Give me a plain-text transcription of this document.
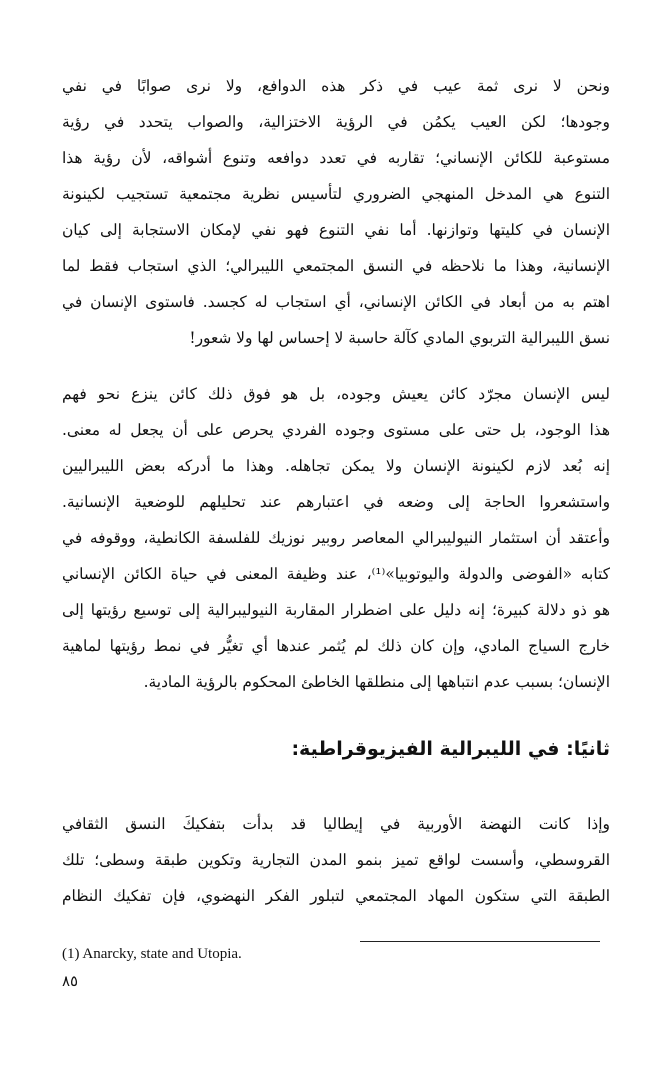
ونحن لا نرى ثمة عيب في ذكر هذه الدوافع، ولا نرى صوابًا في نفي
وجودها؛ لكن العيب يكمُن في الرؤية الاختزالية، والصواب يتحدد في رؤية
مستوعبة للكائن الإنساني؛ تقاربه في تعدد دوافعه وتنوع أشواقه، لأن رؤية هذا
التنوع هي المدخل المنهجي الضروري لتأسيس نظرية مجتمعية تستجيب لكينونة
الإنسان في كليتها وتوازنها. أما نفي التنوع فهو نفي لإمكان الاستجابة إلى كيان
الإنسانية، وهذا ما نلاحظه في النسق المجتمعي الليبرالي؛ الذي استجاب فقط لما
اهتم به من أبعاد في الكائن الإنساني، أي استجاب له كجسد. فاستوى الإنسان في
نسق الليبرالية التربوي المادي كآلة حاسبة لا إحساس لها ولا شعور!
ليس الإنسان مجرّد كائن يعيش وجوده، بل هو فوق ذلك كائن ينزع نحو فهم
هذا الوجود، بل حتى على مستوى وجوده الفردي يحرص على أن يجعل له معنى.
إنه بُعد لازم لكينونة الإنسان ولا يمكن تجاهله. وهذا ما أدركه بعض الليبراليين
واستشعروا الحاجة إلى وضعه في اعتبارهم عند تحليلهم للوضعية الإنسانية.
وأعتقد أن استثمار النيوليبرالي المعاصر روبير نوزيك للفلسفة الكانطية، ووقوفه في
كتابه «الفوضى والدولة واليوتوبيا»⁽¹⁾، عند وظيفة المعنى في حياة الكائن الإنساني
هو ذو دلالة كبيرة؛ إنه دليل على اضطرار المقاربة النيوليبرالية إلى توسيع رؤيتها إلى
خارج السياج المادي، وإن كان ذلك لم يُثمر عندها أي تغيُّر في نمط رؤيتها لماهية
الإنسان؛ بسبب عدم انتباهها إلى منطلقها الخاطئ المحكوم بالرؤية المادية.
ثانيًا: في الليبرالية الفيزيوقراطية:
وإذا كانت النهضة الأوربية في إيطاليا قد بدأت بتفكيكَ النسق الثقافي
القروسطي، وأسست لواقع تميز بنمو المدن التجارية وتكوين طبقة وسطى؛ تلك
الطبقة التي ستكون المهاد المجتمعي لتبلور الفكر النهضوي، فإن تفكيك النظام

(1) Anarcky, state and Utopia.

٨٥
